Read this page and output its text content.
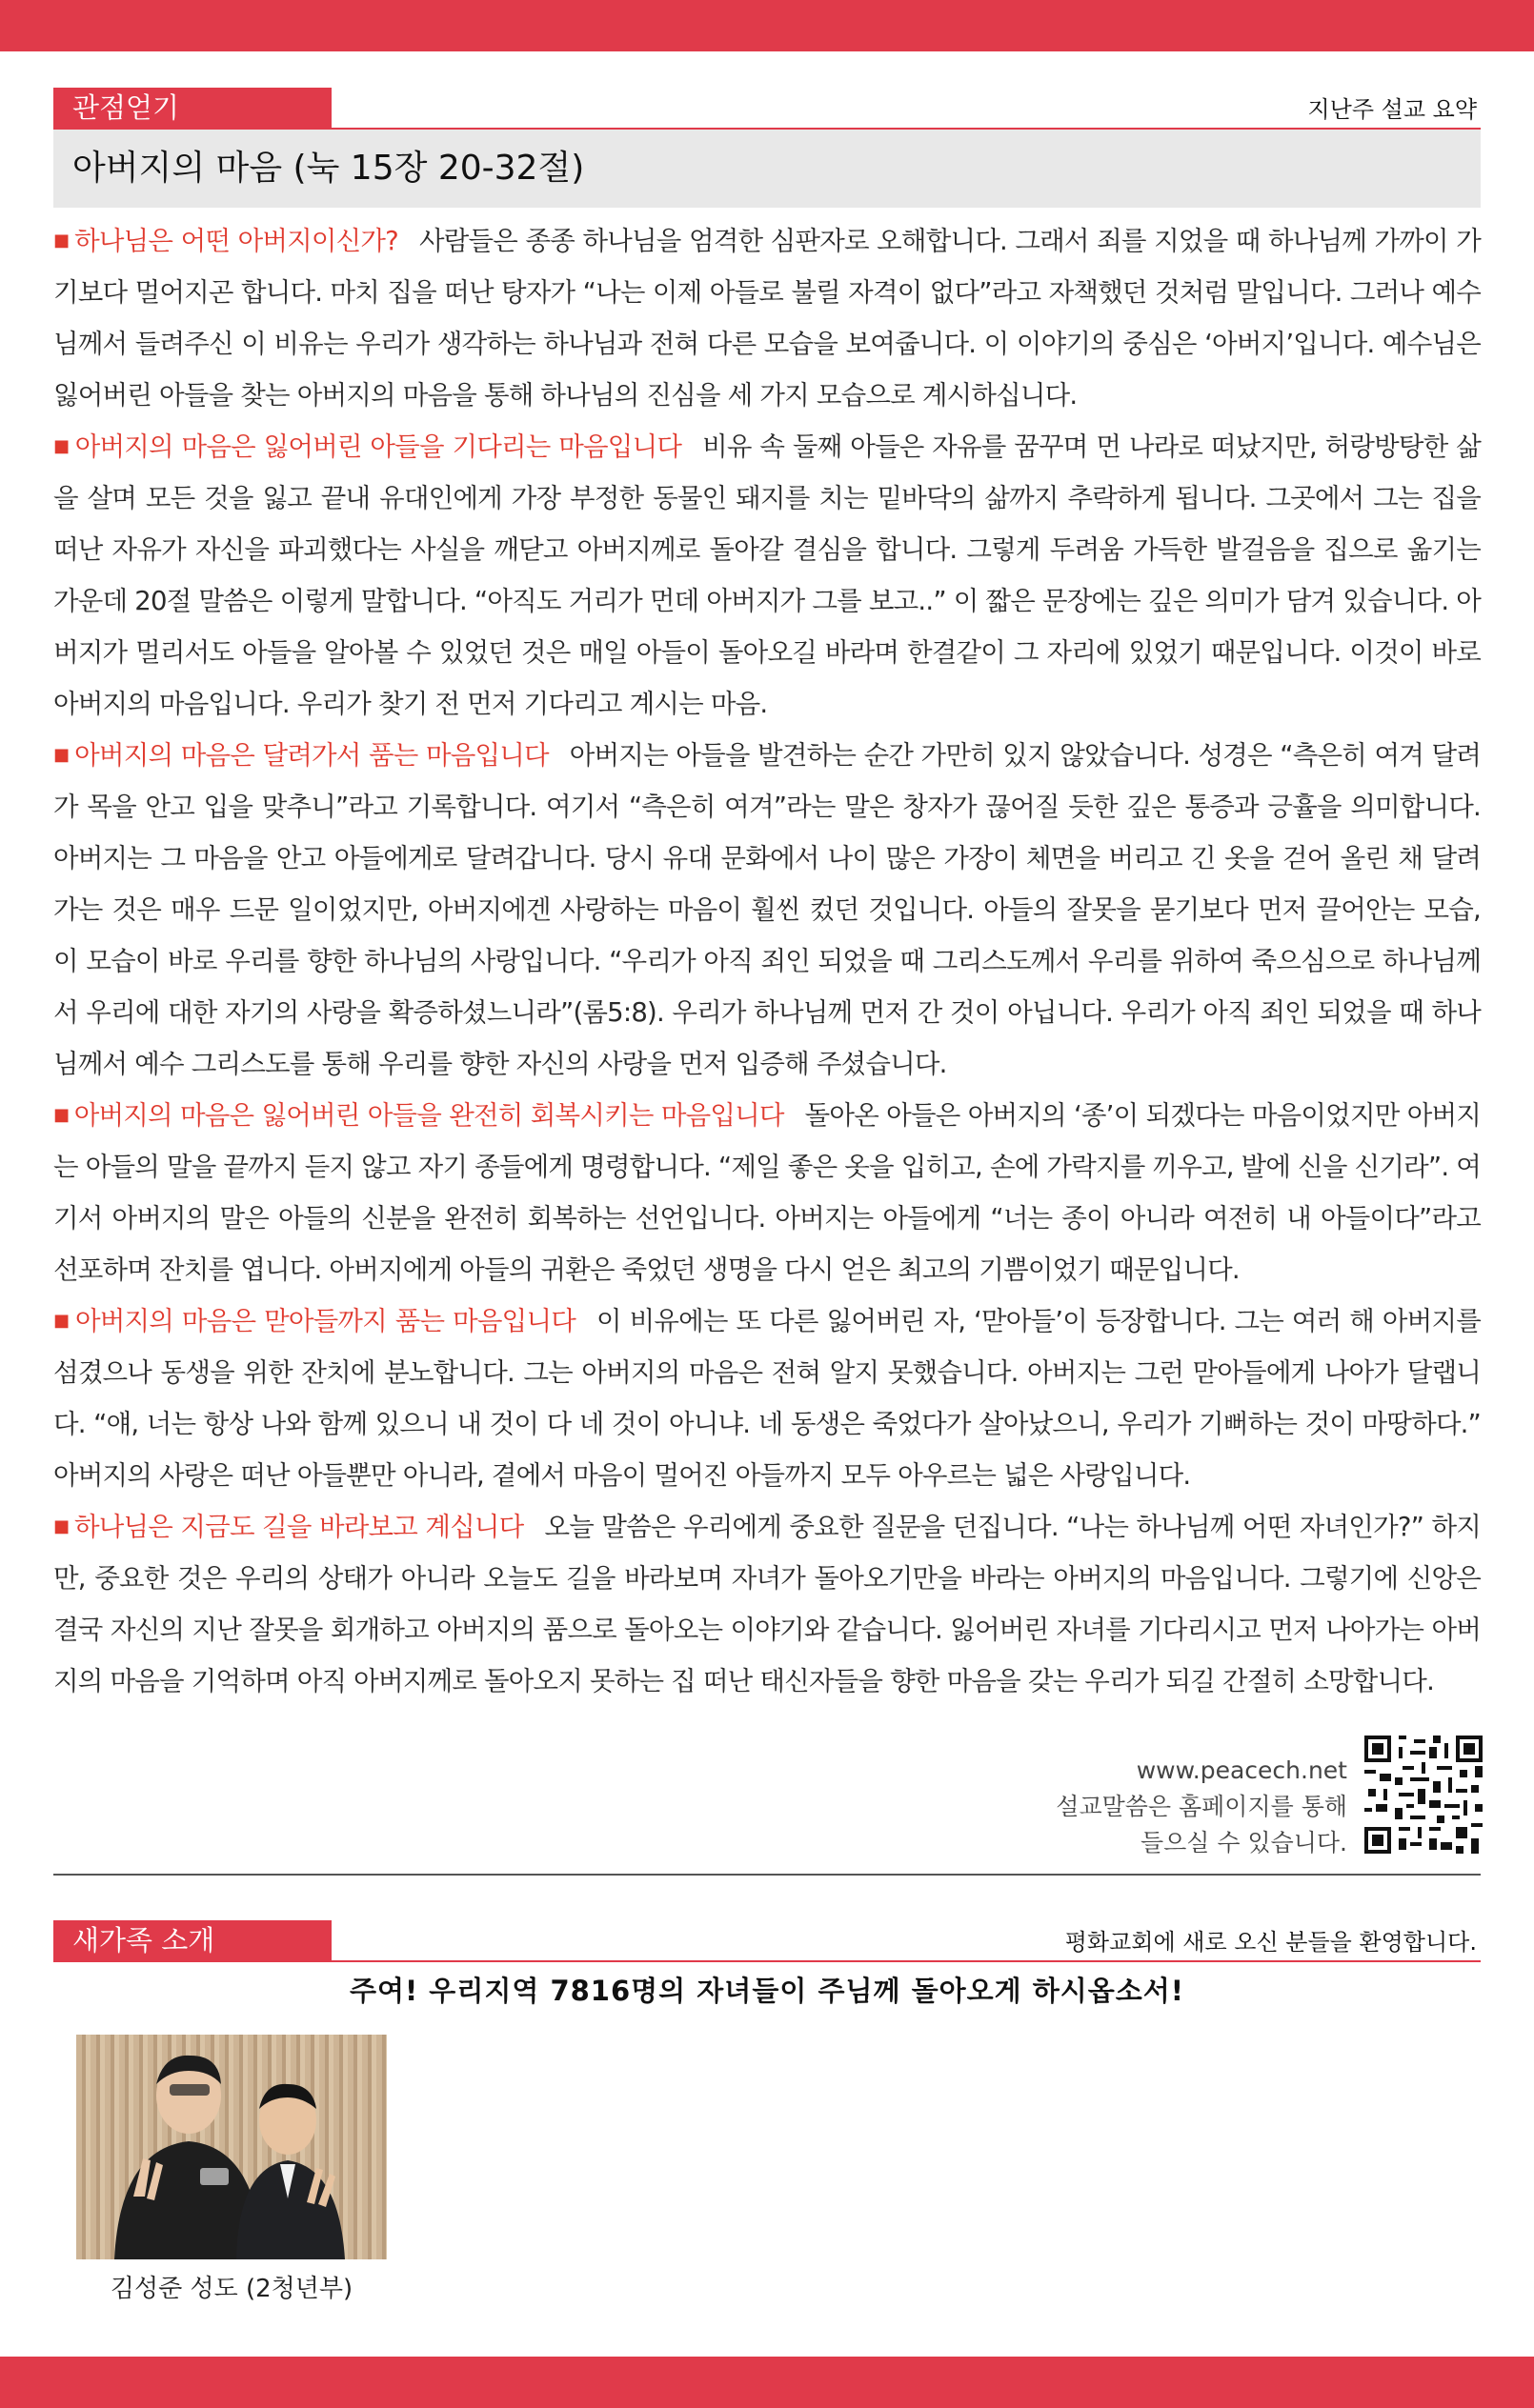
관점얻기	지난주 설교 요약
아버지의 마음 (눅 15장 20-32절)

■ 하나님은 어떤 아버지이신가? 사람들은 종종 하나님을 엄격한 심판자로 오해합니다. 그래서 죄를 지었을 때 하나님께 가까이 가기보다 멀어지곤 합니다. 마치 집을 떠난 탕자가 “나는 이제 아들로 불릴 자격이 없다”라고 자책했던 것처럼 말입니다. 그러나 예수님께서 들려주신 이 비유는 우리가 생각하는 하나님과 전혀 다른 모습을 보여줍니다. 이 이야기의 중심은 ‘아버지’입니다. 예수님은 잃어버린 아들을 찾는 아버지의 마음을 통해 하나님의 진심을 세 가지 모습으로 계시하십니다.

■ 아버지의 마음은 잃어버린 아들을 기다리는 마음입니다 비유 속 둘째 아들은 자유를 꿈꾸며 먼 나라로 떠났지만, 허랑방탕한 삶을 살며 모든 것을 잃고 끝내 유대인에게 가장 부정한 동물인 돼지를 치는 밑바닥의 삶까지 추락하게 됩니다. 그곳에서 그는 집을 떠난 자유가 자신을 파괴했다는 사실을 깨닫고 아버지께로 돌아갈 결심을 합니다. 그렇게 두려움 가득한 발걸음을 집으로 옮기는 가운데 20절 말씀은 이렇게 말합니다. “아직도 거리가 먼데 아버지가 그를 보고..” 이 짧은 문장에는 깊은 의미가 담겨 있습니다. 아버지가 멀리서도 아들을 알아볼 수 있었던 것은 매일 아들이 돌아오길 바라며 한결같이 그 자리에 있었기 때문입니다. 이것이 바로 아버지의 마음입니다. 우리가 찾기 전 먼저 기다리고 계시는 마음.

■ 아버지의 마음은 달려가서 품는 마음입니다 아버지는 아들을 발견하는 순간 가만히 있지 않았습니다. 성경은 “측은히 여겨 달려가 목을 안고 입을 맞추니”라고 기록합니다. 여기서 “측은히 여겨”라는 말은 창자가 끊어질 듯한 깊은 통증과 긍휼을 의미합니다. 아버지는 그 마음을 안고 아들에게로 달려갑니다. 당시 유대 문화에서 나이 많은 가장이 체면을 버리고 긴 옷을 걷어 올린 채 달려가는 것은 매우 드문 일이었지만, 아버지에겐 사랑하는 마음이 훨씬 컸던 것입니다. 아들의 잘못을 묻기보다 먼저 끌어안는 모습, 이 모습이 바로 우리를 향한 하나님의 사랑입니다. “우리가 아직 죄인 되었을 때 그리스도께서 우리를 위하여 죽으심으로 하나님께서 우리에 대한 자기의 사랑을 확증하셨느니라”(롬5:8). 우리가 하나님께 먼저 간 것이 아닙니다. 우리가 아직 죄인 되었을 때 하나님께서 예수 그리스도를 통해 우리를 향한 자신의 사랑을 먼저 입증해 주셨습니다.

■ 아버지의 마음은 잃어버린 아들을 완전히 회복시키는 마음입니다 돌아온 아들은 아버지의 ‘종’이 되겠다는 마음이었지만 아버지는 아들의 말을 끝까지 듣지 않고 자기 종들에게 명령합니다. “제일 좋은 옷을 입히고, 손에 가락지를 끼우고, 발에 신을 신기라”. 여기서 아버지의 말은 아들의 신분을 완전히 회복하는 선언입니다. 아버지는 아들에게 “너는 종이 아니라 여전히 내 아들이다”라고 선포하며 잔치를 엽니다. 아버지에게 아들의 귀환은 죽었던 생명을 다시 얻은 최고의 기쁨이었기 때문입니다.

■ 아버지의 마음은 맏아들까지 품는 마음입니다 이 비유에는 또 다른 잃어버린 자, ‘맏아들’이 등장합니다. 그는 여러 해 아버지를 섬겼으나 동생을 위한 잔치에 분노합니다. 그는 아버지의 마음은 전혀 알지 못했습니다. 아버지는 그런 맏아들에게 나아가 달랩니다. “얘, 너는 항상 나와 함께 있으니 내 것이 다 네 것이 아니냐. 네 동생은 죽었다가 살아났으니, 우리가 기뻐하는 것이 마땅하다.” 아버지의 사랑은 떠난 아들뿐만 아니라, 곁에서 마음이 멀어진 아들까지 모두 아우르는 넓은 사랑입니다.

■ 하나님은 지금도 길을 바라보고 계십니다 오늘 말씀은 우리에게 중요한 질문을 던집니다. “나는 하나님께 어떤 자녀인가?” 하지만, 중요한 것은 우리의 상태가 아니라 오늘도 길을 바라보며 자녀가 돌아오기만을 바라는 아버지의 마음입니다. 그렇기에 신앙은 결국 자신의 지난 잘못을 회개하고 아버지의 품으로 돌아오는 이야기와 같습니다. 잃어버린 자녀를 기다리시고 먼저 나아가는 아버지의 마음을 기억하며 아직 아버지께로 돌아오지 못하는 집 떠난 태신자들을 향한 마음을 갖는 우리가 되길 간절히 소망합니다.

www.peacech.net
설교말씀은 홈페이지를 통해
들으실 수 있습니다.
새가족 소개	평화교회에 새로 오신 분들을 환영합니다.
주여! 우리지역 7816명의 자녀들이 주님께 돌아오게 하시옵소서!
김성준 성도 (2청년부)
